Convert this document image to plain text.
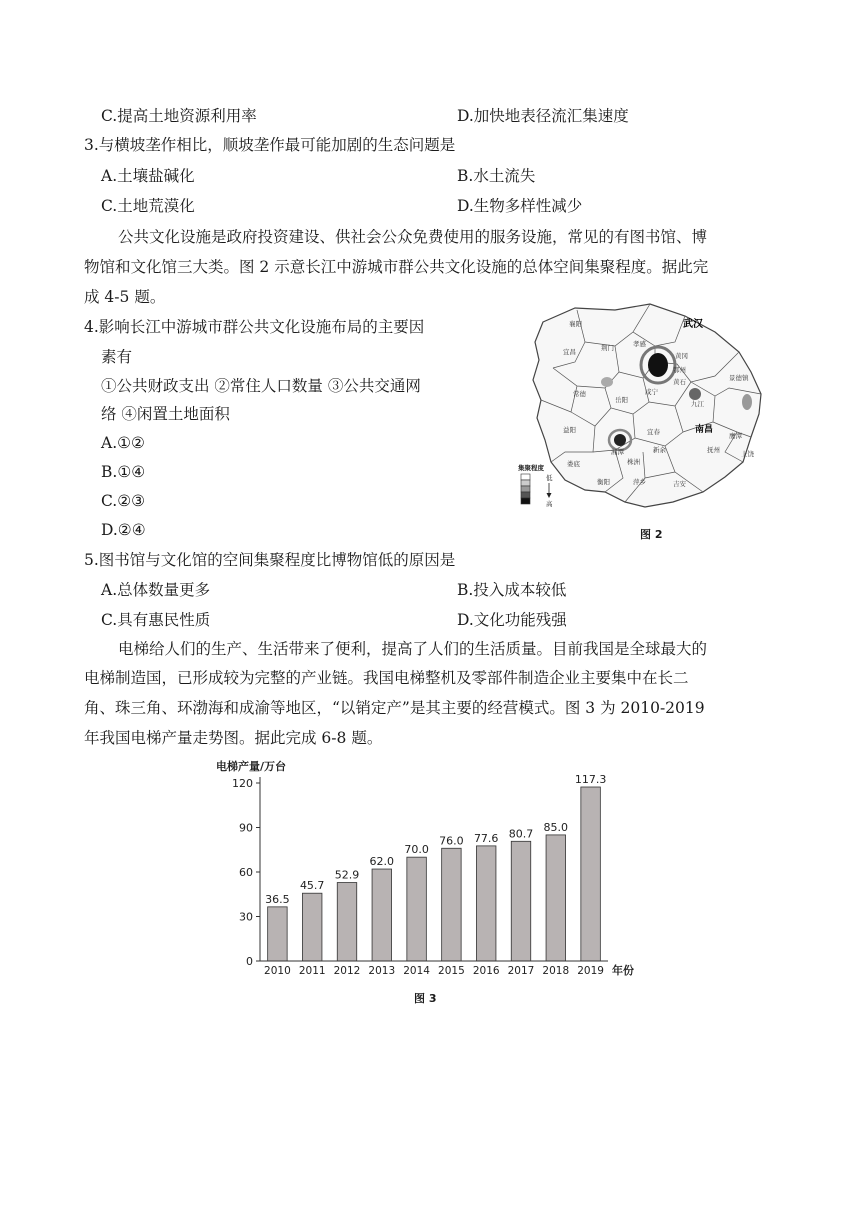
C.提高土地资源利用率	D.加快地表径流汇集速度
3.与横坡垄作相比，顺坡垄作最可能加剧的生态问题是
A.土壤盐碱化	B.水土流失
C.土地荒漠化	D.生物多样性减少
公共文化设施是政府投资建设、供社会公众免费使用的服务设施，常见的有图书馆、博
物馆和文化馆三大类。图 2 示意长江中游城市群公共文化设施的总体空间集聚程度。据此完
成 4-5 题。
4.影响长江中游城市群公共文化设施布局的主要因
素有
①公共财政支出 ②常住人口数量 ③公共交通网
络 ④闲置土地面积
A.①②
B.①④
C.②③
D.②④
襄阳	武汉
宜昌	荆门	孝感
黄冈
鄂州
黄石
咸宁
九江
常德
岳阳
益阳	南昌
景德镇
鹰潭
上饶
湘潭
娄底	株洲
衡阳
宜春
新余	抚州
吉安
萍乡
集聚程度
低
高
图 2
5.图书馆与文化馆的空间集聚程度比博物馆低的原因是
A.总体数量更多	B.投入成本较低
C.具有惠民性质	D.文化功能残强
电梯给人们的生产、生活带来了便利，提高了人们的生活质量。目前我国是全球最大的
电梯制造国，已形成较为完整的产业链。我国电梯整机及零部件制造企业主要集中在长二
角、珠三角、环渤海和成渝等地区，“以销定产”是其主要的经营模式。图 3 为 2010-2019
年我国电梯产量走势图。据此完成 6-8 题。
电梯产量/万台
0
30
60
90
120
36.5
45.7
52.9
62.0
70.0
76.0 77.6 80.7 85.0
117.3
2010 2011 2012 2013 2014 2015 2016 2017 2018 2019 年份
图 3
